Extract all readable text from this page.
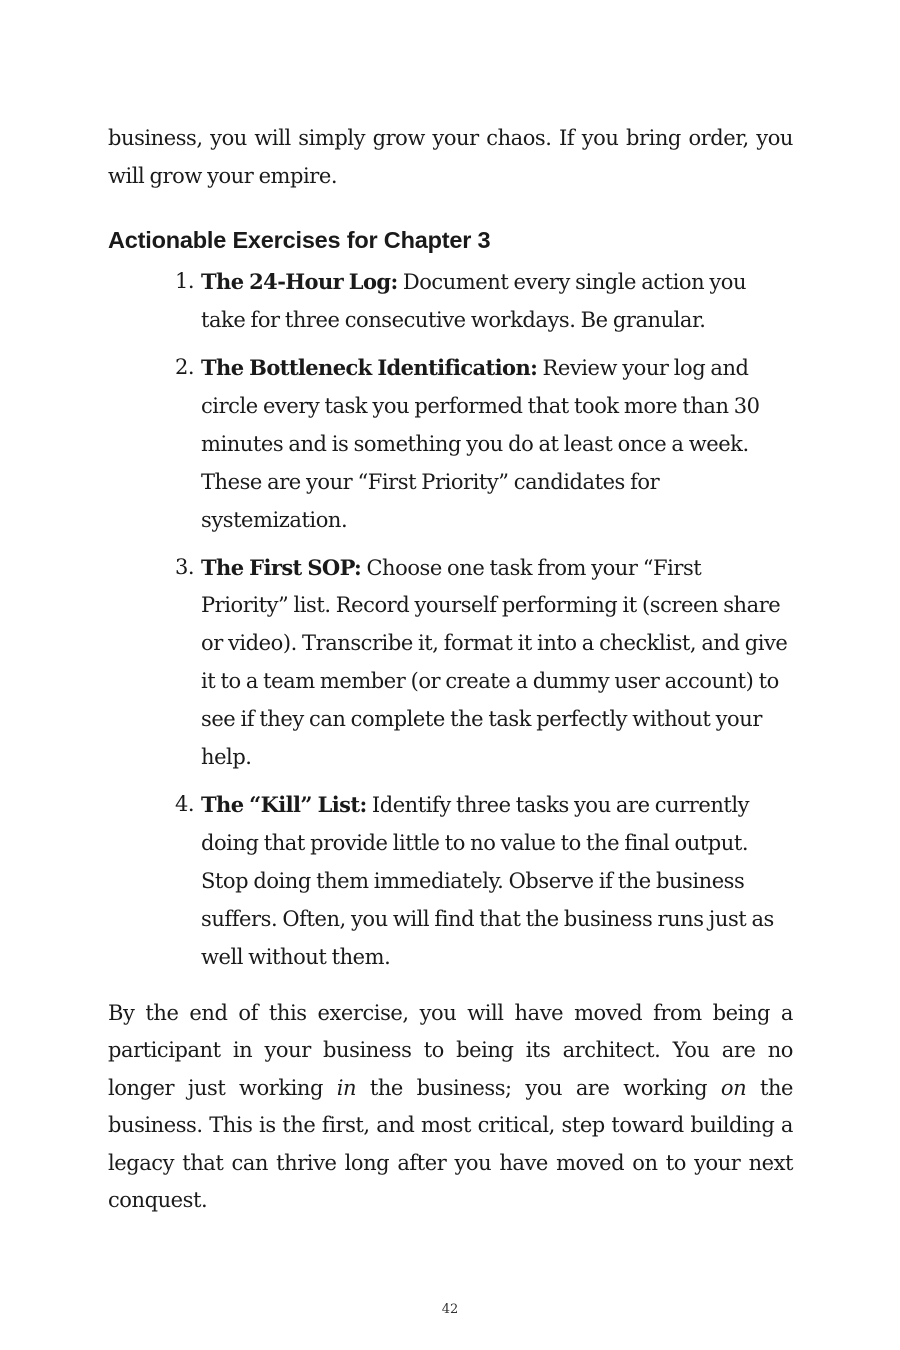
business, you will simply grow your chaos. If you bring order, you will grow your empire.

Actionable Exercises for Chapter 3
1. The 24-Hour Log: Document every single action you take for three consecutive workdays. Be granular.
2. The Bottleneck Identification: Review your log and circle every task you performed that took more than 30 minutes and is something you do at least once a week. These are your “First Priority” candidates for systemization.
3. The First SOP: Choose one task from your “First Priority” list. Record yourself performing it (screen share or video). Transcribe it, format it into a checklist, and give it to a team member (or create a dummy user account) to see if they can complete the task perfectly without your help.
4. The “Kill” List: Identify three tasks you are currently doing that provide little to no value to the final output. Stop doing them immediately. Observe if the business suffers. Often, you will find that the business runs just as well without them.

By the end of this exercise, you will have moved from being a participant in your business to being its architect. You are no longer just working in the business; you are working on the business. This is the first, and most critical, step toward building a legacy that can thrive long after you have moved on to your next conquest.

42
